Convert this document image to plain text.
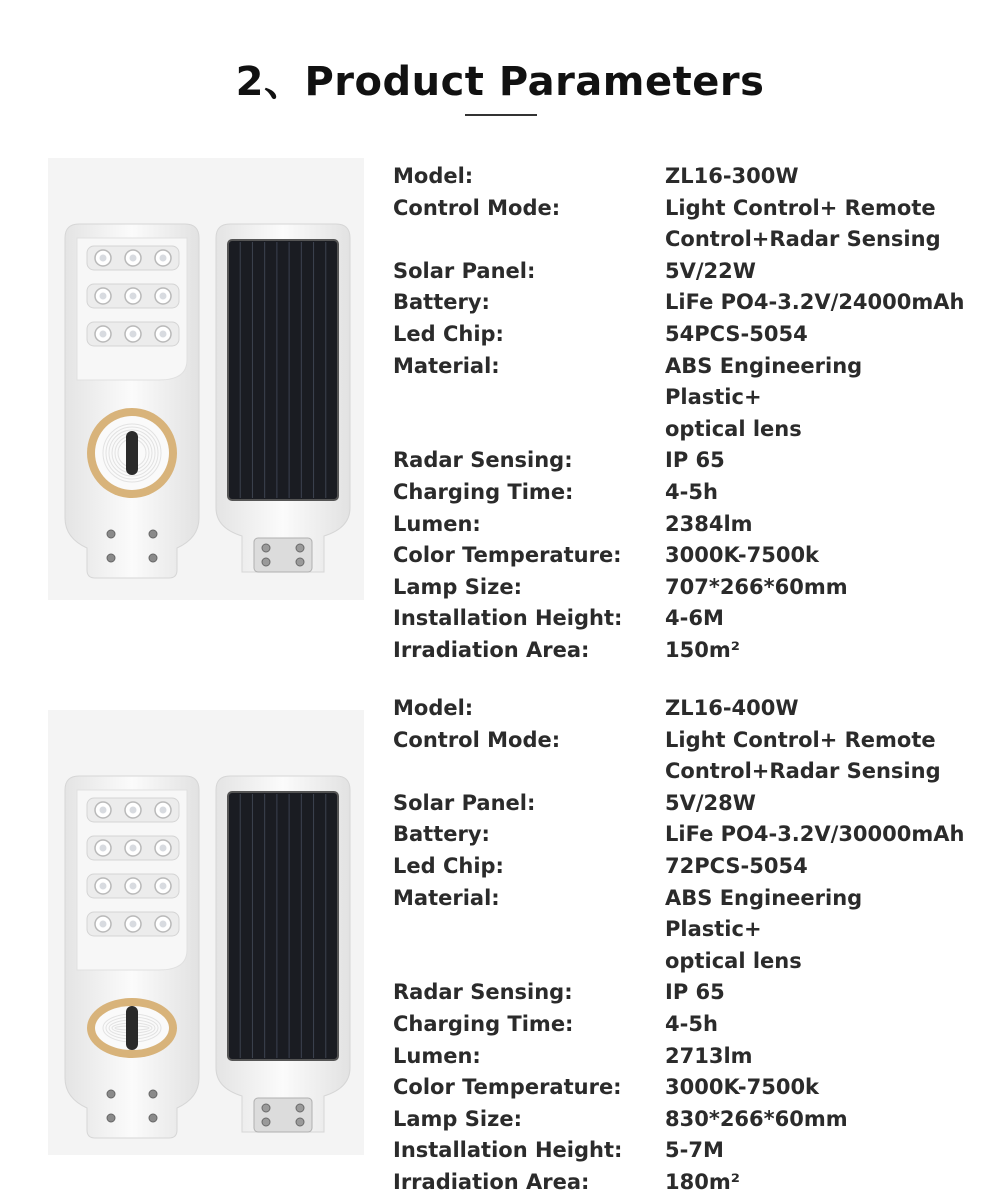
2、Product Parameters
Model:	ZL16-300W
Control Mode:	Light Control+ Remote
Control+Radar Sensing
Solar Panel:	5V/22W
Battery:	LiFe PO4-3.2V/24000mAh
Led Chip:	54PCS-5054
Material:	ABS Engineering Plastic+
optical lens
Radar Sensing:	IP 65
Charging Time:	4-5h
Lumen:	2384lm
Color Temperature:	3000K-7500k
Lamp Size:	707*266*60mm
Installation Height:	4-6M
Irradiation Area:	150m²
Model:	ZL16-400W
Control Mode:	Light Control+ Remote
Control+Radar Sensing
Solar Panel:	5V/28W
Battery:	LiFe PO4-3.2V/30000mAh
Led Chip:	72PCS-5054
Material:	ABS Engineering Plastic+
optical lens
Radar Sensing:	IP 65
Charging Time:	4-5h
Lumen:	2713lm
Color Temperature:	3000K-7500k
Lamp Size:	830*266*60mm
Installation Height:	5-7M
Irradiation Area:	180m²
